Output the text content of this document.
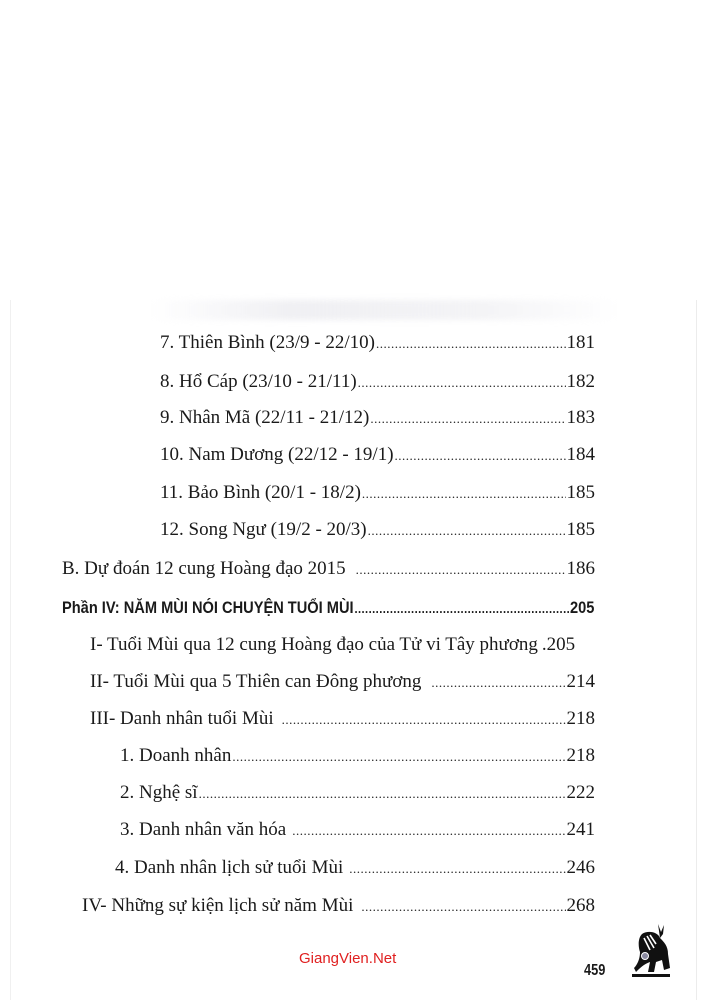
7. Thiên Bình (23/9 - 22/10) .....	181
8. Hổ Cáp (23/10 - 21/11) .....	182
9. Nhân Mã (22/11 - 21/12) .....	183
10. Nam Dương (22/12 - 19/1) .....	184
11. Bảo Bình (20/1 - 18/2) .....	185
12. Song Ngư (19/2 - 20/3) .....	185
B. Dự đoán 12 cung Hoàng đạo 2015 .....	186
Phần IV: NĂM MÙI NÓI CHUYỆN TUỔI MÙI .....	205
I- Tuổi Mùi qua 12 cung Hoàng đạo của Tử vi Tây phương .205
II- Tuổi Mùi qua 5 Thiên can Đông phương .....	214
III- Danh nhân tuổi Mùi .....	218
1. Doanh nhân .....	218
2. Nghệ sĩ .....	222
3. Danh nhân văn hóa .....	241
4. Danh nhân lịch sử tuổi Mùi .....	246
IV- Những sự kiện lịch sử năm Mùi .....	268
GiangVien.Net
459
